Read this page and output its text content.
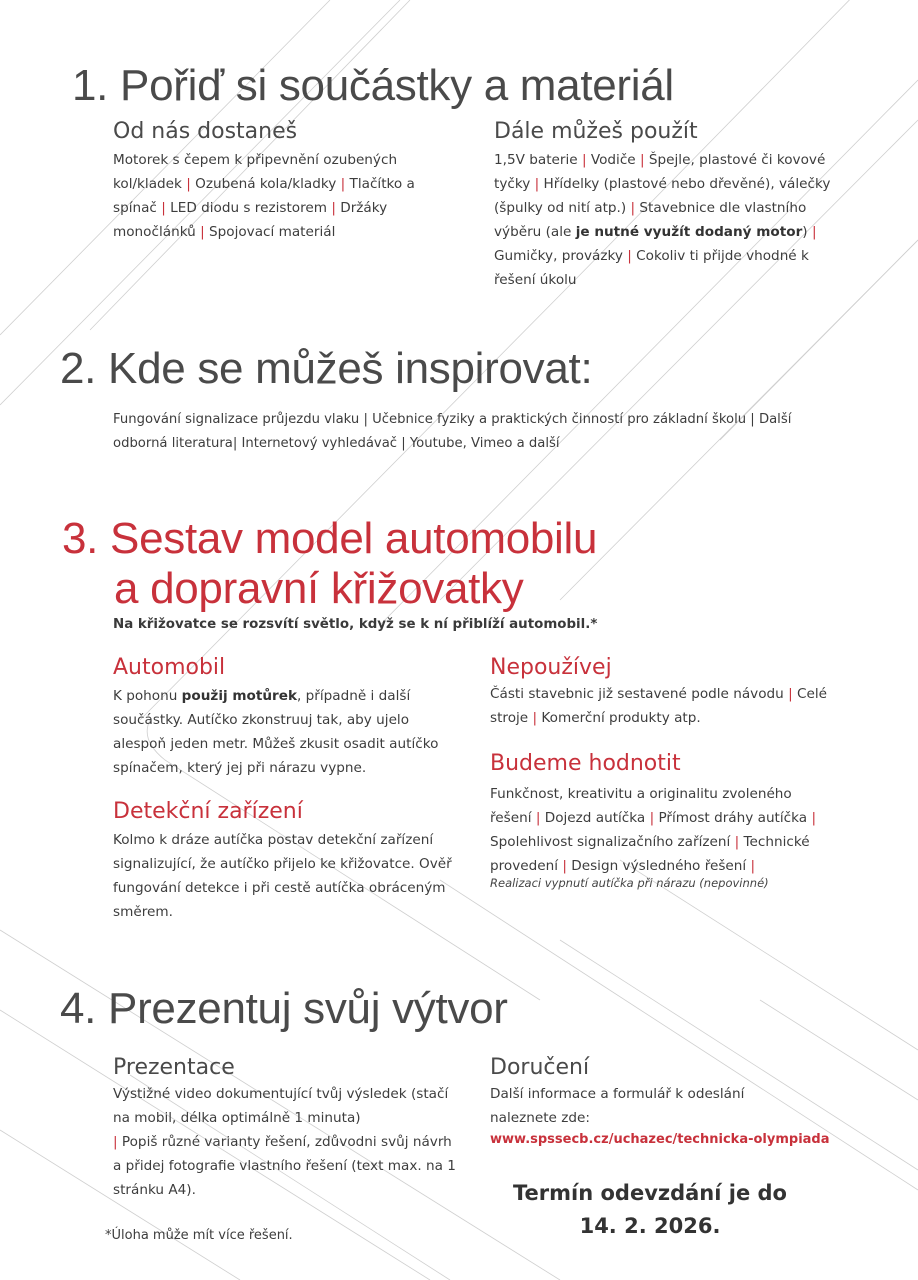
1. Pořiď si součástky a materiál
Od nás dostaneš
Motorek s čepem k připevnění ozubených kol/kladek | Ozubená kola/kladky | Tlačítko a spínač | LED diodu s rezistorem | Držáky monočlánků | Spojovací materiál
Dále můžeš použít
1,5V baterie | Vodiče | Špejle, plastové či kovové tyčky | Hřídelky (plastové nebo dřevěné), válečky (špulky od nití atp.) | Stavebnice dle vlastního výběru (ale je nutné využít dodaný motor) | Gumičky, provázky | Cokoliv ti přijde vhodné k řešení úkolu
2. Kde se můžeš inspirovat:
Fungování signalizace průjezdu vlaku | Učebnice fyziky a praktických činností pro základní školu | Další odborná literatura| Internetový vyhledávač | Youtube, Vimeo a další
3. Sestav model automobilu
a dopravní křižovatky
Na křižovatce se rozsvítí světlo, když se k ní přiblíží automobil.*
Automobil
K pohonu použij motůrek, případně i další součástky. Autíčko zkonstruuj tak, aby ujelo alespoň jeden metr. Můžeš zkusit osadit autíčko spínačem, který jej při nárazu vypne.
Detekční zařízení
Kolmo k dráze autíčka postav detekční zařízení signalizující, že autíčko přijelo ke křižovatce. Ověř fungování detekce i při cestě autíčka obráceným směrem.
Nepoužívej
Části stavebnic již sestavené podle návodu | Celé stroje | Komerční produkty atp.
Budeme hodnotit
Funkčnost, kreativitu a originalitu zvoleného řešení | Dojezd autíčka | Přímost dráhy autíčka | Spolehlivost signalizačního zařízení | Technické provedení | Design výsledného řešení |
Realizaci vypnutí autíčka při nárazu (nepovinné)
4. Prezentuj svůj výtvor
Prezentace
Výstižné video dokumentující tvůj výsledek (stačí na mobil, délka optimálně 1 minuta)
| Popiš různé varianty řešení, zdůvodni svůj návrh a přidej fotografie vlastního řešení (text max. na 1 stránku A4).
*Úloha může mít více řešení.
Doručení
Další informace a formulář k odeslání naleznete zde:
www.spssecb.cz/uchazec/technicka-olympiada
Termín odevzdání je do
14. 2. 2026.
